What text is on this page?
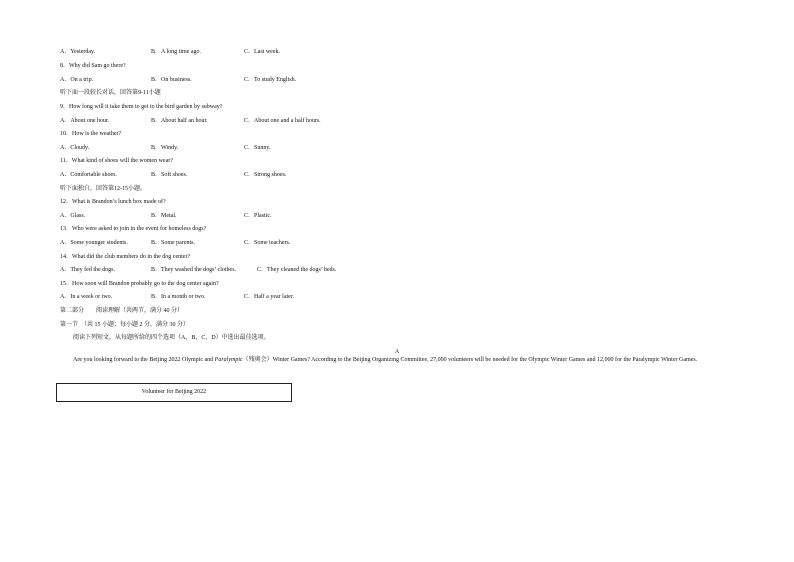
A．Yesterday.	B．A long time ago.	C．Last week.
8．Why did Sam go there?
A．On a trip.	B．On business.	C．To study English.
听下面一段较长对话，回答第9-11小题
9．How long will it take them to get to the bird garden by subway?
A．About one hour.	B．About half an hour.	C．About one and a half hours.
10．How is the weather?
A．Cloudy.	B．Windy.	C．Sunny.
11．What kind of shoes will the women wear?
A．Comfortable shoes.	B．Soft shoes.	C．Strong shoes.
听下面独白，回答第12-15小题。
12．What is Brandon’s lunch box made of?
A．Glass.	B．Metal.	C．Plastic.
13．Who were asked to join in the event for homeless dogs?
A．Some younger students.	B．Some parents.	C．Some teachers.
14．What did the club members do in the dog center?
A．They fed the dogs.	B．They washed the dogs’ clothes.	C．They cleaned the dogs’ beds.
15．How soon will Brandon probably go to the dog center again?
A．In a week or two.	B．In a month or two.	C．Half a year later.
第二部分　　阅读理解（共两节，满分 40 分）
第一节　（共 15 小题；每小题 2 分，满分 30 分）
阅读下列短文，从每题所给的四个选项（A、B、C、D）中选出最佳选项。
A
Are you looking forward to the Beijing 2022 Olympic and Paralympic（残奥会）Winter Games? According to the Beijing Organizing Committee, 27,000 volunteers will be needed for the Olympic Winter Games and 12,000 for the Paralympic Winter Games.
Volunteer for Beijing 2022
